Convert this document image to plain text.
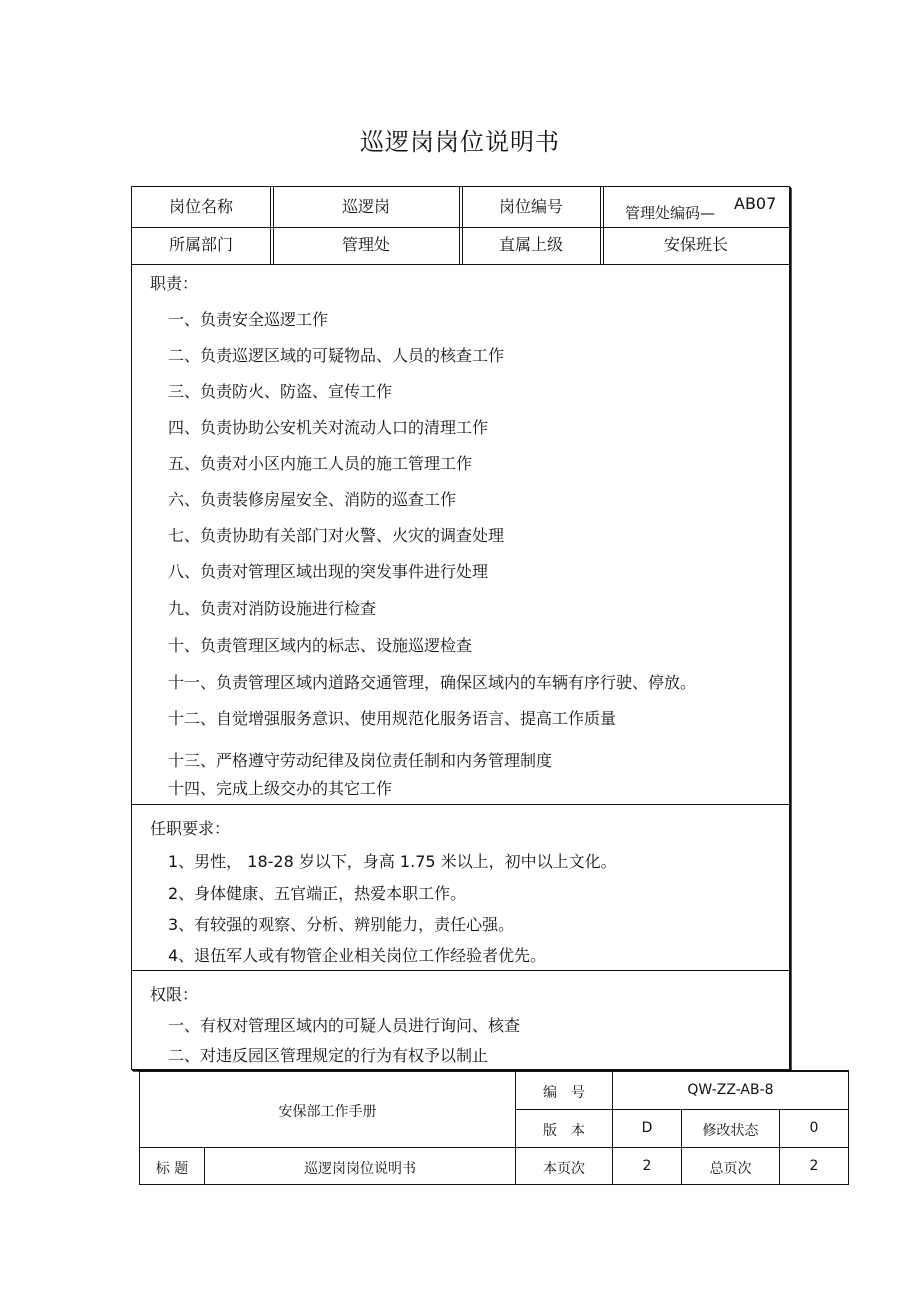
巡逻岗岗位说明书
岗位名称	巡逻岗	岗位编号	管理处编码—	AB07
所属部门	管理处	直属上级	安保班长
职责：
一、负责安全巡逻工作
二、负责巡逻区域的可疑物品、人员的核查工作
三、负责防火、防盗、宣传工作
四、负责协助公安机关对流动人口的清理工作
五、负责对小区内施工人员的施工管理工作
六、负责装修房屋安全、消防的巡查工作
七、负责协助有关部门对火警、火灾的调查处理
八、负责对管理区域出现的突发事件进行处理
九、负责对消防设施进行检查
十、负责管理区域内的标志、设施巡逻检查
十一、负责管理区域内道路交通管理，确保区域内的车辆有序行驶、停放。
十二、自觉增强服务意识、使用规范化服务语言、提高工作质量
十三、严格遵守劳动纪律及岗位责任制和内务管理制度
十四、完成上级交办的其它工作
任职要求：
1、男性， 18-28 岁以下，身高 1.75 米以上，初中以上文化。
2、身体健康、五官端正，热爱本职工作。
3、有较强的观察、分析、辨别能力，责任心强。
4、退伍军人或有物管企业相关岗位工作经验者优先。
权限：
一、有权对管理区域内的可疑人员进行询问、核查
二、对违反园区管理规定的行为有权予以制止
安保部工作手册
编　号	QW-ZZ-AB-8
版　本	D	修改状态	0
标 题	巡逻岗岗位说明书	本页次	2	总页次	2
